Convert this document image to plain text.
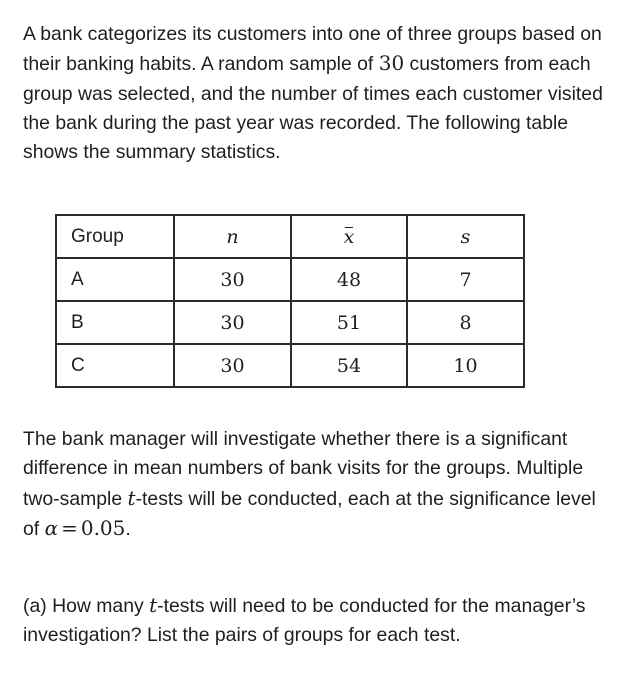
A bank categorizes its customers into one of three groups based on their banking habits. A random sample of 30 customers from each group was selected, and the number of times each customer visited the bank during the past year was recorded. The following table shows the summary statistics.

Group	n	x	s
A	30	48	7
B	30	51	8
C	30	54	10

The bank manager will investigate whether there is a significant difference in mean numbers of bank visits for the groups. Multiple two-sample t-tests will be conducted, each at the significance level of α = 0.05.

(a) How many t-tests will need to be conducted for the manager’s investigation? List the pairs of groups for each test.
